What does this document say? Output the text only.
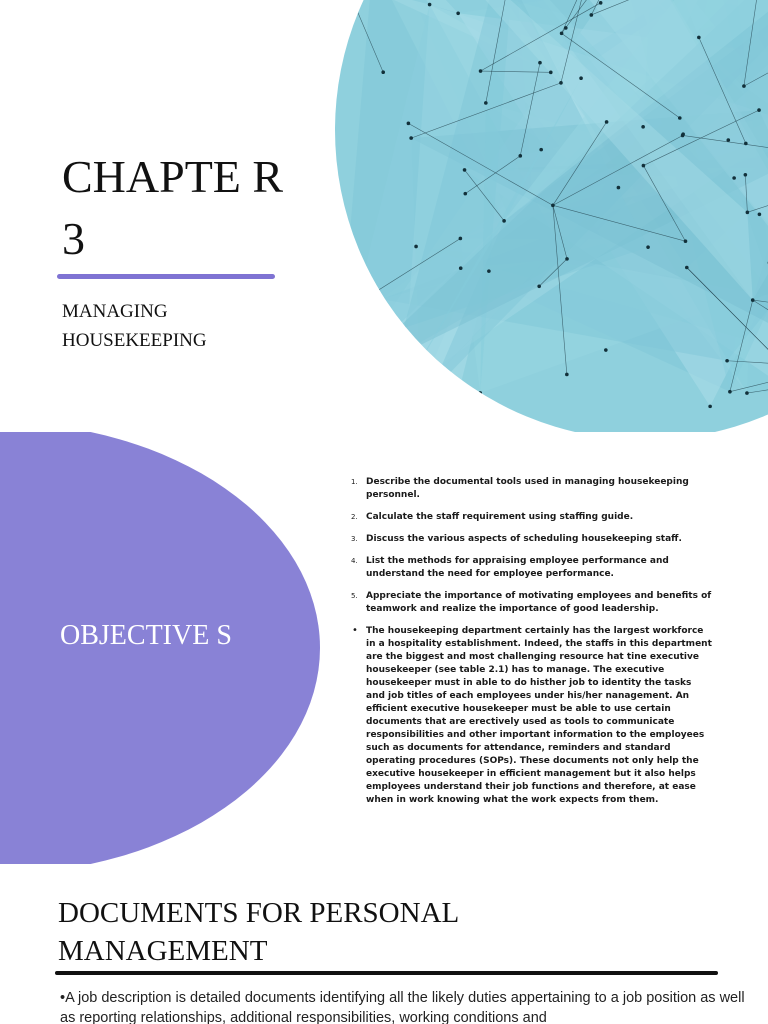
CHAPTE R 3
MANAGING HOUSEKEEPING
OBJECTIVE S
1. Describe the documental tools used in managing housekeeping personnel.
2. Calculate the staff requirement using staffing guide.
3. Discuss the various aspects of scheduling housekeeping staff.
4. List the methods for appraising employee performance and understand the need for employee performance.
5. Appreciate the importance of motivating employees and benefits of teamwork and realize the importance of good leadership.
• The housekeeping department certainly has the largest workforce in a hospitality establishment. Indeed, the staffs in this department are the biggest and most challenging resource hat tine executive housekeeper (see table 2.1) has to manage. The executive housekeeper must in able to do histher job to identity the tasks and job titles of each employees under his/her nanagement. An efficient executive housekeeper must be able to use certain documents that are erectively used as tools to communicate responsibilities and other important information to the employees such as documents for attendance, reminders and standard operating procedures (SOPs). These documents not only help the executive housekeeper in efficient management but it also helps employees understand their job functions and therefore, at ease when in work knowing what the work expects from them.
DOCUMENTS FOR PERSONAL MANAGEMENT
•A job description is detailed documents identifying all the likely duties appertaining to a job position as well as reporting relationships, additional responsibilities, working conditions and
